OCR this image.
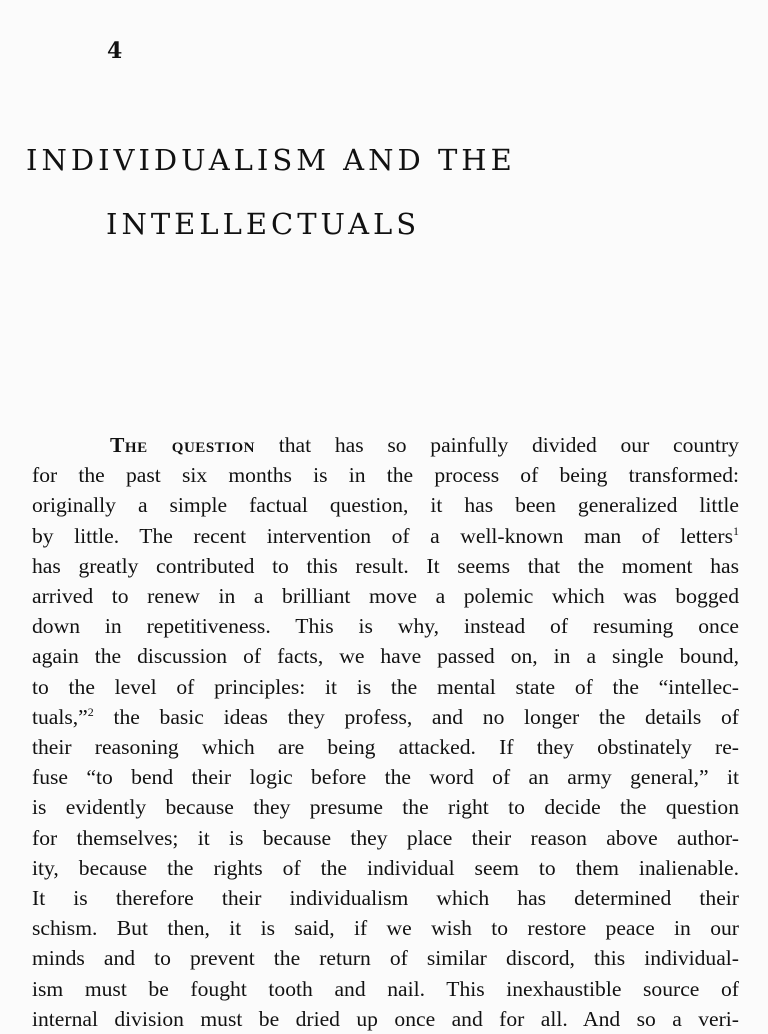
4
INDIVIDUALISM AND THE
INTELLECTUALS
The question that has so painfully divided our country
for the past six months is in the process of being transformed:
originally a simple factual question, it has been generalized little
by little. The recent intervention of a well-known man of letters$^1$
has greatly contributed to this result. It seems that the moment has
arrived to renew in a brilliant move a polemic which was bogged
down in repetitiveness. This is why, instead of resuming once
again the discussion of facts, we have passed on, in a single bound,
to the level of principles: it is the mental state of the “intellec-
tuals,”$^2$ the basic ideas they profess, and no longer the details of
their reasoning which are being attacked. If they obstinately re-
fuse “to bend their logic before the word of an army general,” it
is evidently because they presume the right to decide the question
for themselves; it is because they place their reason above author-
ity, because the rights of the individual seem to them inalienable.
It is therefore their individualism which has determined their
schism. But then, it is said, if we wish to restore peace in our
minds and to prevent the return of similar discord, this individual-
ism must be fought tooth and nail. This inexhaustible source of
internal division must be dried up once and for all. And so a veri-
